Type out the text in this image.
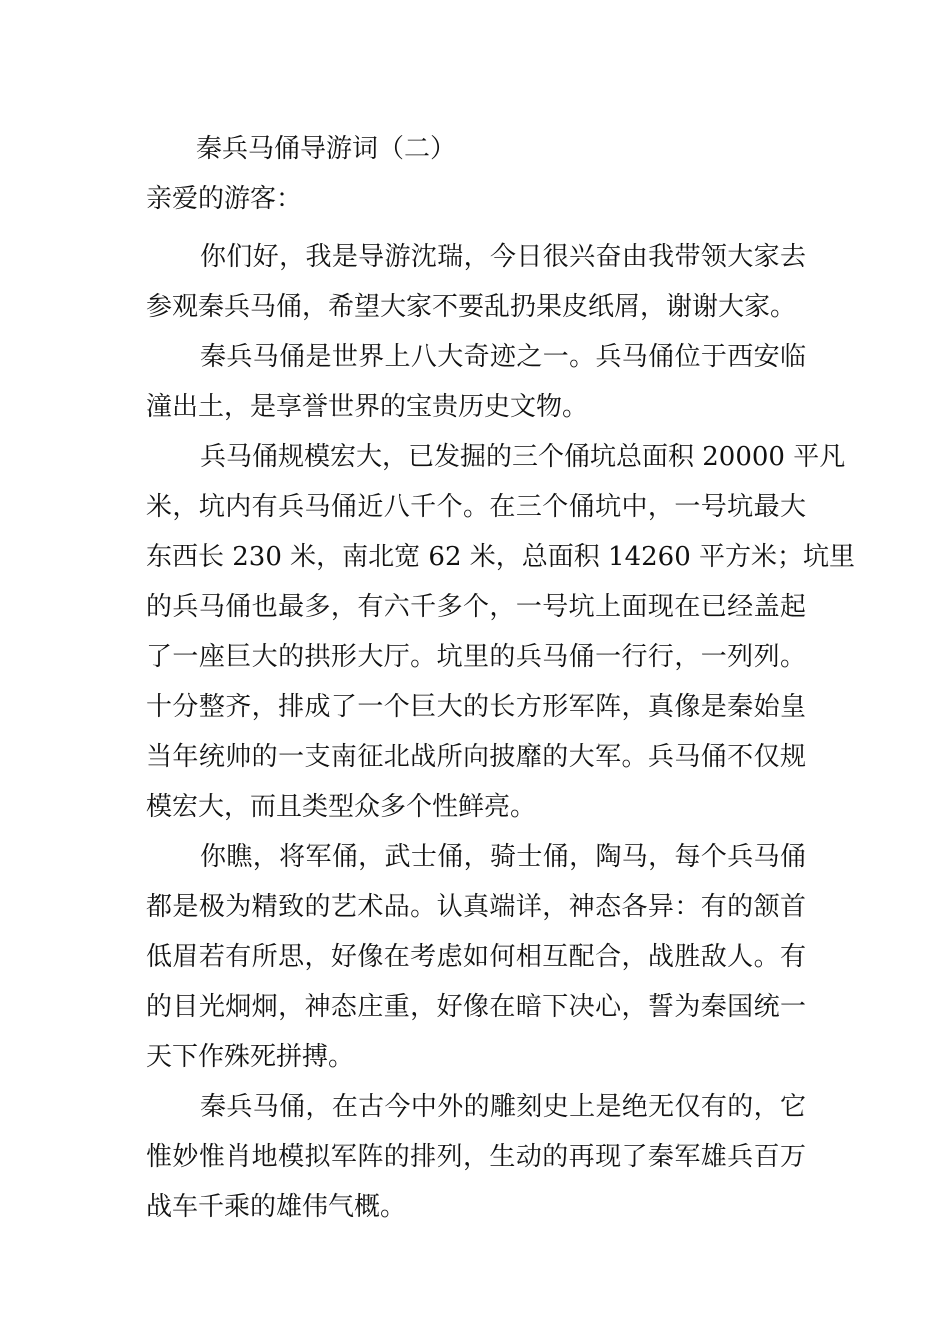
秦兵马俑导游词（二）

亲爱的游客：

你们好，我是导游沈瑞，今日很兴奋由我带领大家去
参观秦兵马俑，希望大家不要乱扔果皮纸屑，谢谢大家。
秦兵马俑是世界上八大奇迹之一。兵马俑位于西安临
潼出土，是享誉世界的宝贵历史文物。
兵马俑规模宏大，已发掘的三个俑坑总面积 20000 平凡
米，坑内有兵马俑近八千个。在三个俑坑中，一号坑最大
东西长 230 米，南北宽 62 米，总面积 14260 平方米；坑里
的兵马俑也最多，有六千多个，一号坑上面现在已经盖起
了一座巨大的拱形大厅。坑里的兵马俑一行行，一列列。
十分整齐，排成了一个巨大的长方形军阵，真像是秦始皇
当年统帅的一支南征北战所向披靡的大军。兵马俑不仅规
模宏大，而且类型众多个性鲜亮。
你瞧，将军俑，武士俑，骑士俑，陶马，每个兵马俑
都是极为精致的艺术品。认真端详，神态各异：有的颔首
低眉若有所思，好像在考虑如何相互配合，战胜敌人。有
的目光炯炯，神态庄重，好像在暗下决心，誓为秦国统一
天下作殊死拼搏。
秦兵马俑，在古今中外的雕刻史上是绝无仅有的，它
惟妙惟肖地模拟军阵的排列，生动的再现了秦军雄兵百万
战车千乘的雄伟气概。
